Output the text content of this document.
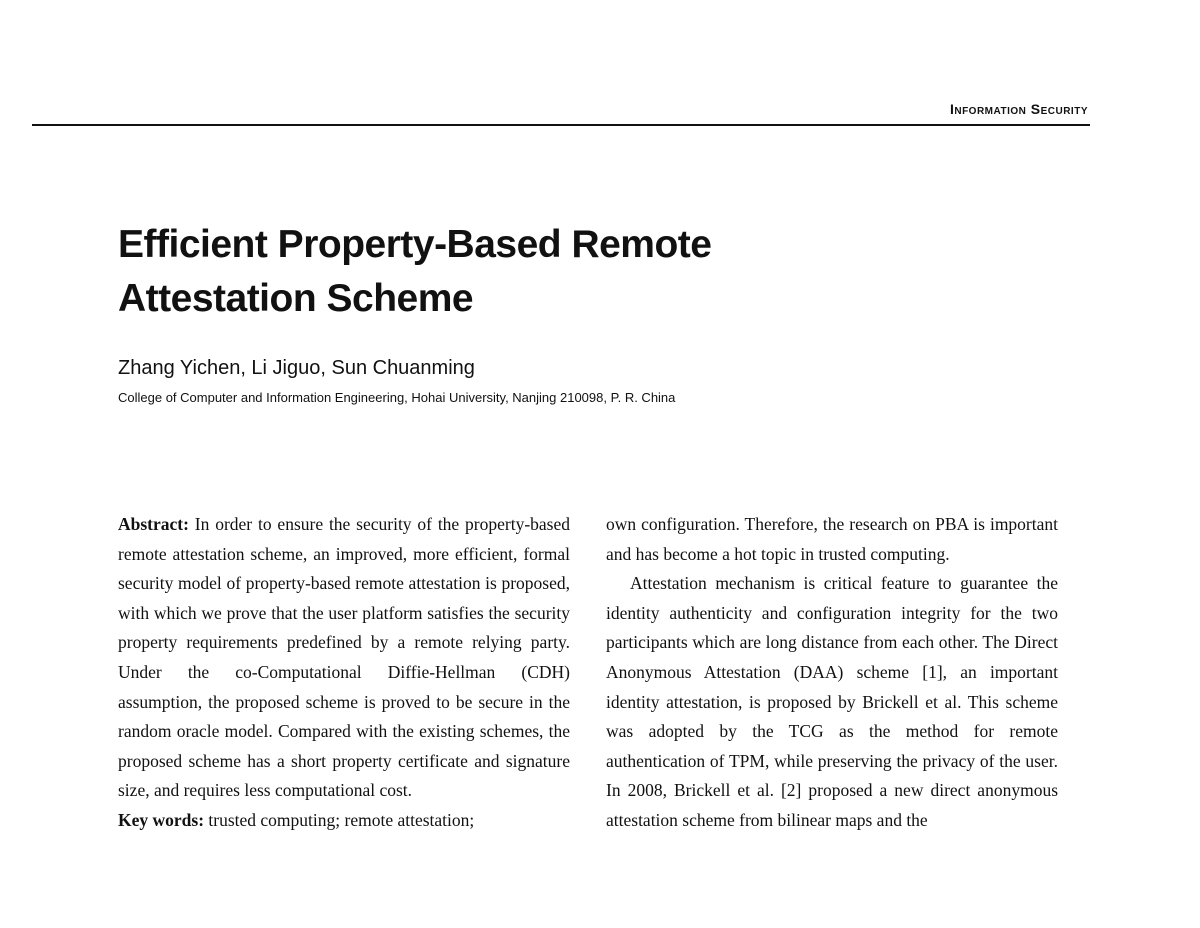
Information Security
Efficient Property-Based Remote
Attestation Scheme
Zhang Yichen, Li Jiguo, Sun Chuanming
College of Computer and Information Engineering, Hohai University, Nanjing 210098, P. R. China

Abstract: In order to ensure the security of the property-based remote attestation scheme, an improved, more efficient, formal security model of property-based remote attestation is proposed, with which we prove that the user platform satisfies the security property requirements predefined by a remote relying party. Under the co-Computational Diffie-Hellman (CDH) assumption, the proposed scheme is proved to be secure in the random oracle model. Compared with the existing schemes, the proposed scheme has a short property certificate and signature size, and requires less computational cost.

Key words: trusted computing; remote attestation;

own configuration. Therefore, the research on PBA is important and has become a hot topic in trusted computing.

Attestation mechanism is critical feature to guarantee the identity authenticity and configuration integrity for the two participants which are long distance from each other. The Direct Anonymous Attestation (DAA) scheme [1], an important identity attestation, is proposed by Brickell et al. This scheme was adopted by the TCG as the method for remote authentication of TPM, while preserving the privacy of the user. In 2008, Brickell et al. [2] proposed a new direct anonymous attestation scheme from bilinear maps and the
